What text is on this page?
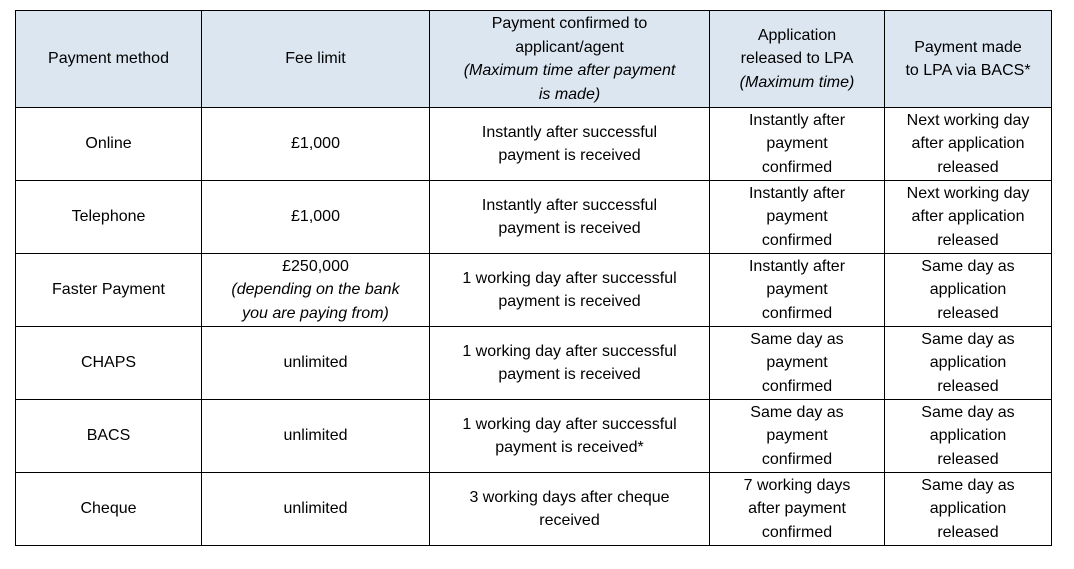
Payment method	Fee limit	Payment confirmed to
applicant/agent
(Maximum time after payment
is made)	Application
released to LPA
(Maximum time)	Payment made
to LPA via BACS*

Online	£1,000	Instantly after successful
payment is received	Instantly after
payment
confirmed	Next working day
after application
released

Telephone	£1,000	Instantly after successful
payment is received	Instantly after
payment
confirmed	Next working day
after application
released

Faster Payment	£250,000
(depending on the bank
you are paying from)	1 working day after successful
payment is received	Instantly after
payment
confirmed	Same day as
application
released

CHAPS	unlimited	1 working day after successful
payment is received	Same day as
payment
confirmed	Same day as
application
released

BACS	unlimited	1 working day after successful
payment is received*	Same day as
payment
confirmed	Same day as
application
released

Cheque	unlimited	3 working days after cheque
received	7 working days
after payment
confirmed	Same day as
application
released
